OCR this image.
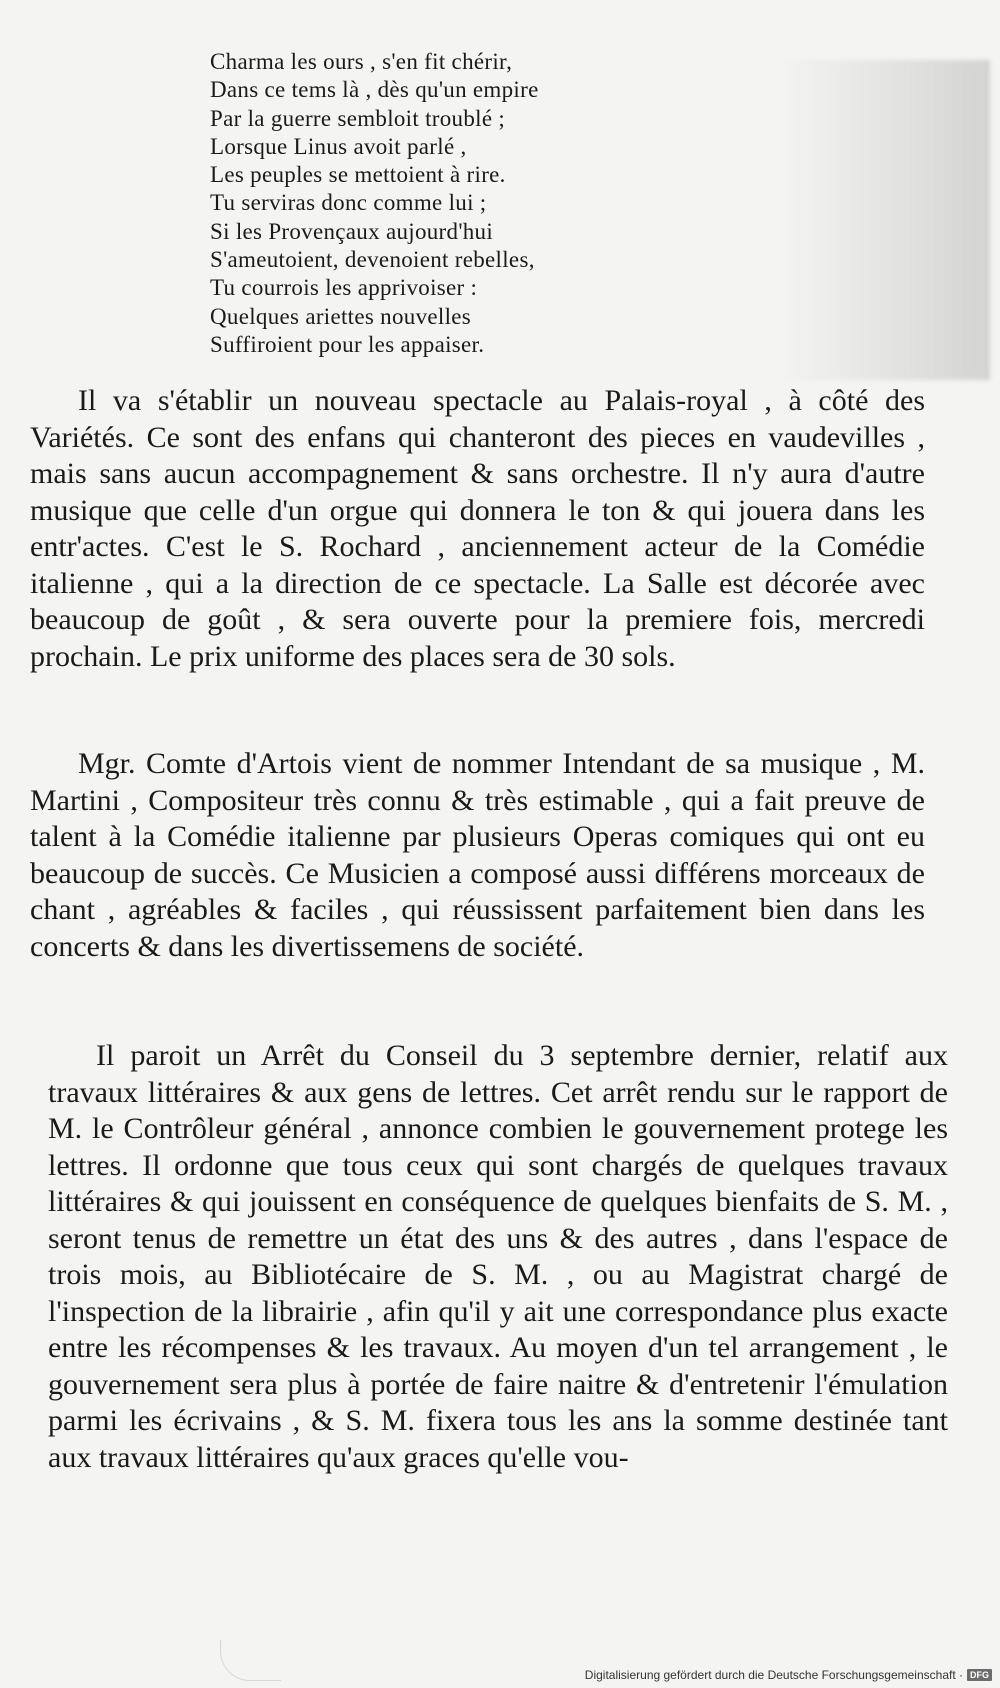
Charma les ours , s'en fit chérir,
Dans ce tems là , dès qu'un empire
Par la guerre sembloit troublé ;
Lorsque Linus avoit parlé ,
Les peuples se mettoient à rire.
Tu serviras donc comme lui ;
Si les Provençaux aujourd'hui
S'ameutoient, devenoient rebelles,
Tu courrois les apprivoiser :
Quelques ariettes nouvelles
Suffiroient pour les appaiser.

Il va s'établir un nouveau spectacle au Palais-royal , à côté des Variétés. Ce sont des enfans qui chanteront des pieces en vaudevilles , mais sans aucun accompagnement & sans orchestre. Il n'y aura d'autre musique que celle d'un orgue qui donnera le ton & qui jouera dans les entr'actes. C'est le S. Rochard , anciennement acteur de la Comédie italienne , qui a la direction de ce spectacle. La Salle est décorée avec beaucoup de goût , & sera ouverte pour la premiere fois, mercredi prochain. Le prix uniforme des places sera de 30 sols.

Mgr. Comte d'Artois vient de nommer Intendant de sa musique , M. Martini , Compositeur très connu & très estimable , qui a fait preuve de talent à la Comédie italienne par plusieurs Operas comiques qui ont eu beaucoup de succès. Ce Musicien a composé aussi différens morceaux de chant , agréables & faciles , qui réussissent parfaitement bien dans les concerts & dans les divertissemens de société.

Il paroit un Arrêt du Conseil du 3 septembre dernier, relatif aux travaux littéraires & aux gens de lettres. Cet arrêt rendu sur le rapport de M. le Contrôleur général , annonce combien le gouvernement protege les lettres. Il ordonne que tous ceux qui sont chargés de quelques travaux littéraires & qui jouissent en conséquence de quelques bienfaits de S. M. , seront tenus de remettre un état des uns & des autres , dans l'espace de trois mois, au Bibliotécaire de S. M. , ou au Magistrat chargé de l'inspection de la librairie , afin qu'il y ait une correspondance plus exacte entre les récompenses & les travaux. Au moyen d'un tel arrangement , le gouvernement sera plus à portée de faire naitre & d'entretenir l'émulation parmi les écrivains , & S. M. fixera tous les ans la somme destinée tant aux travaux littéraires qu'aux graces qu'elle vou-

Digitalisierung gefördert durch die Deutsche Forschungsgemeinschaft · DFG
